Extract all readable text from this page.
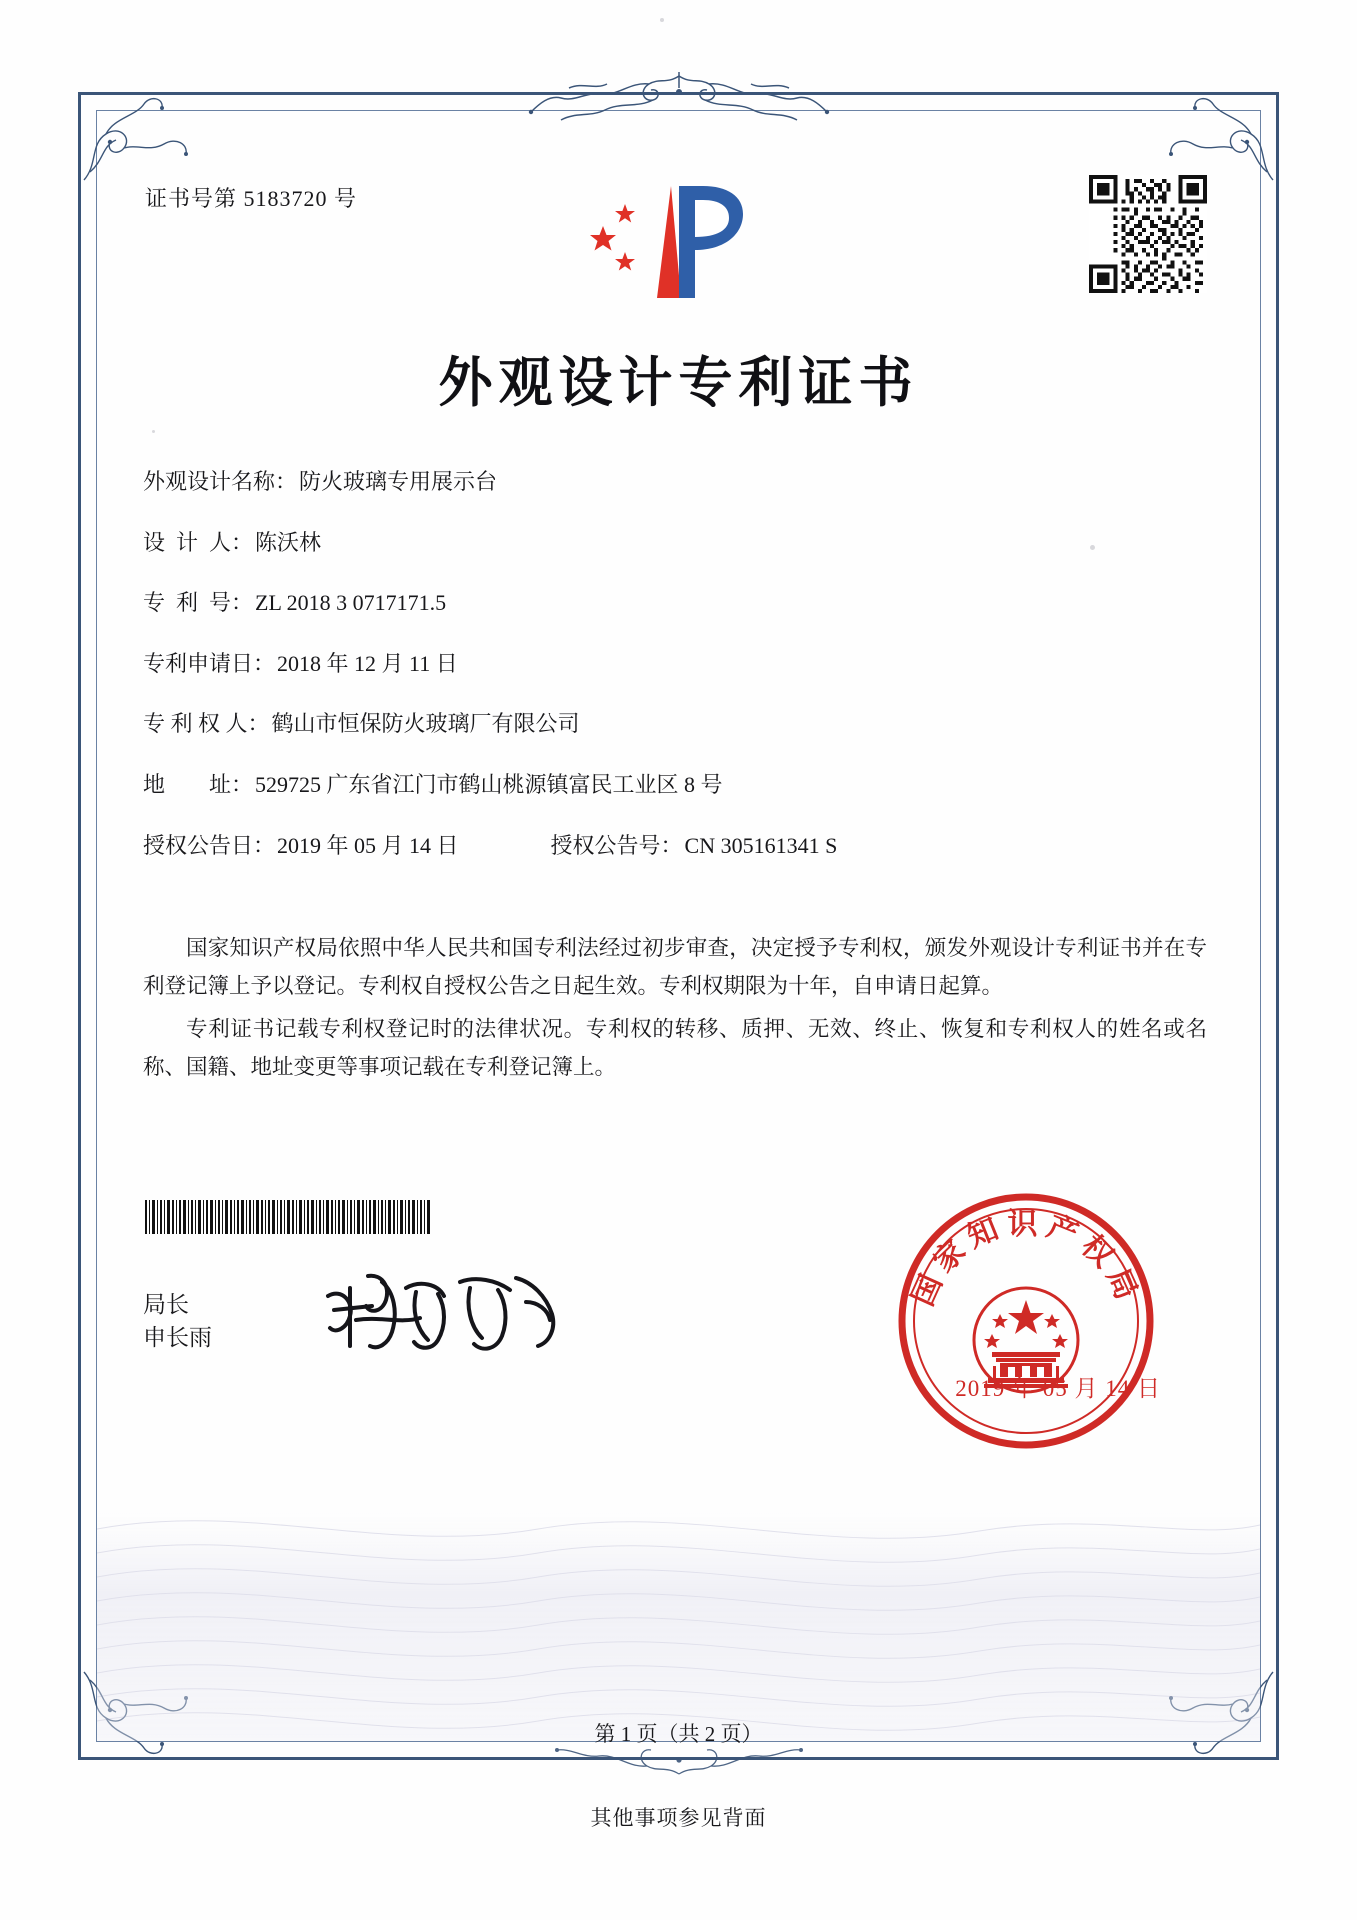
证书号第 5183720 号
外观设计专利证书
外观设计名称： 防火玻璃专用展示台
设  计  人： 陈沃林
专  利  号： ZL 2018 3 0717171.5
专利申请日： 2018 年 12 月 11 日
专 利 权 人： 鹤山市恒保防火玻璃厂有限公司
地        址： 529725 广东省江门市鹤山桃源镇富民工业区 8 号
授权公告日： 2019 年 05 月 14 日	授权公告号： CN 305161341 S

国家知识产权局依照中华人民共和国专利法经过初步审查，决定授予专利权，颁发外观设计专利证书并在专利登记簿上予以登记。专利权自授权公告之日起生效。专利权期限为十年，自申请日起算。

专利证书记载专利权登记时的法律状况。专利权的转移、质押、无效、终止、恢复和专利权人的姓名或名称、国籍、地址变更等事项记载在专利登记簿上。

局长
申长雨
国家知识产权局
2019 年 05 月 14 日
第 1 页（共 2 页）
其他事项参见背面
